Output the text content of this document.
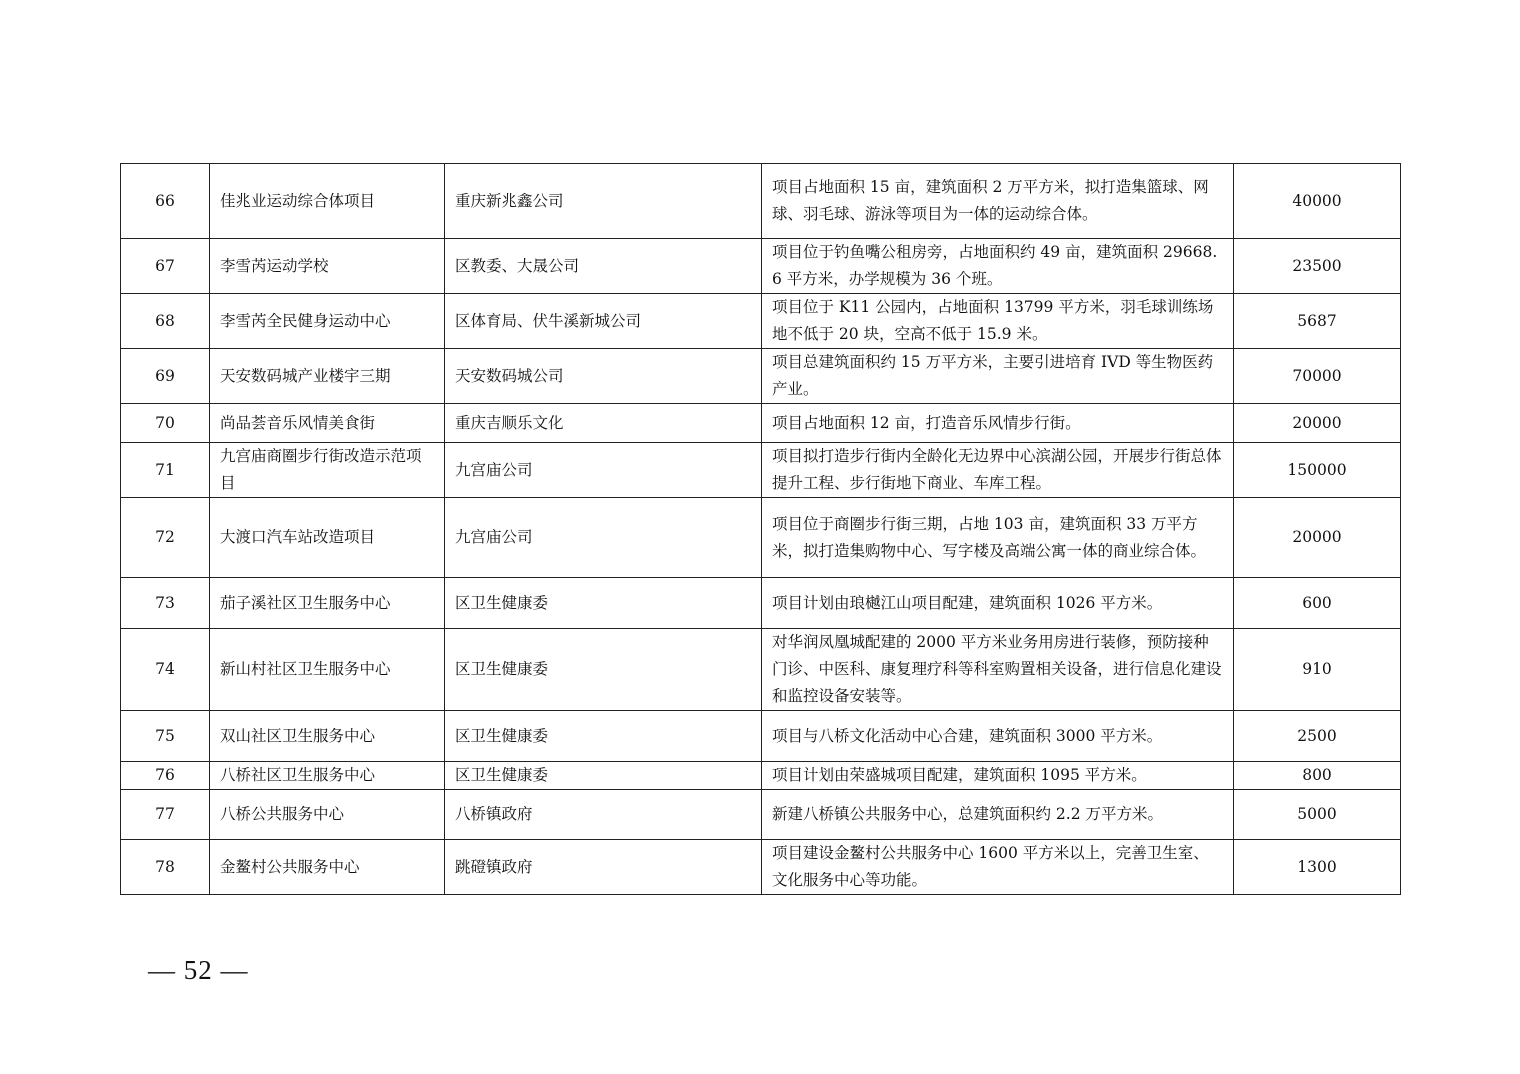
66	佳兆业运动综合体项目	重庆新兆鑫公司	项目占地面积 15 亩，建筑面积 2 万平方米，拟打造集篮球、网球、羽毛球、游泳等项目为一体的运动综合体。	40000
67	李雪芮运动学校	区教委、大晟公司	项目位于钓鱼嘴公租房旁，占地面积约 49 亩，建筑面积 29668.6 平方米，办学规模为 36 个班。	23500
68	李雪芮全民健身运动中心	区体育局、伏牛溪新城公司	项目位于 K11 公园内，占地面积 13799 平方米，羽毛球训练场地不低于 20 块，空高不低于 15.9 米。	5687
69	天安数码城产业楼宇三期	天安数码城公司	项目总建筑面积约 15 万平方米，主要引进培育 IVD 等生物医药产业。	70000
70	尚品荟音乐风情美食街	重庆吉顺乐文化	项目占地面积 12 亩，打造音乐风情步行街。	20000
71	九宫庙商圈步行街改造示范项目	九宫庙公司	项目拟打造步行街内全龄化无边界中心滨湖公园，开展步行街总体提升工程、步行街地下商业、车库工程。	150000
72	大渡口汽车站改造项目	九宫庙公司	项目位于商圈步行街三期，占地 103 亩，建筑面积 33 万平方米，拟打造集购物中心、写字楼及高端公寓一体的商业综合体。	20000
73	茄子溪社区卫生服务中心	区卫生健康委	项目计划由琅樾江山项目配建，建筑面积 1026 平方米。	600
74	新山村社区卫生服务中心	区卫生健康委	对华润凤凰城配建的 2000 平方米业务用房进行装修，预防接种门诊、中医科、康复理疗科等科室购置相关设备，进行信息化建设和监控设备安装等。	910
75	双山社区卫生服务中心	区卫生健康委	项目与八桥文化活动中心合建，建筑面积 3000 平方米。	2500
76	八桥社区卫生服务中心	区卫生健康委	项目计划由荣盛城项目配建，建筑面积 1095 平方米。	800
77	八桥公共服务中心	八桥镇政府	新建八桥镇公共服务中心，总建筑面积约 2.2 万平方米。	5000
78	金鳌村公共服务中心	跳磴镇政府	项目建设金鳌村公共服务中心 1600 平方米以上，完善卫生室、文化服务中心等功能。	1300
— 52 —
